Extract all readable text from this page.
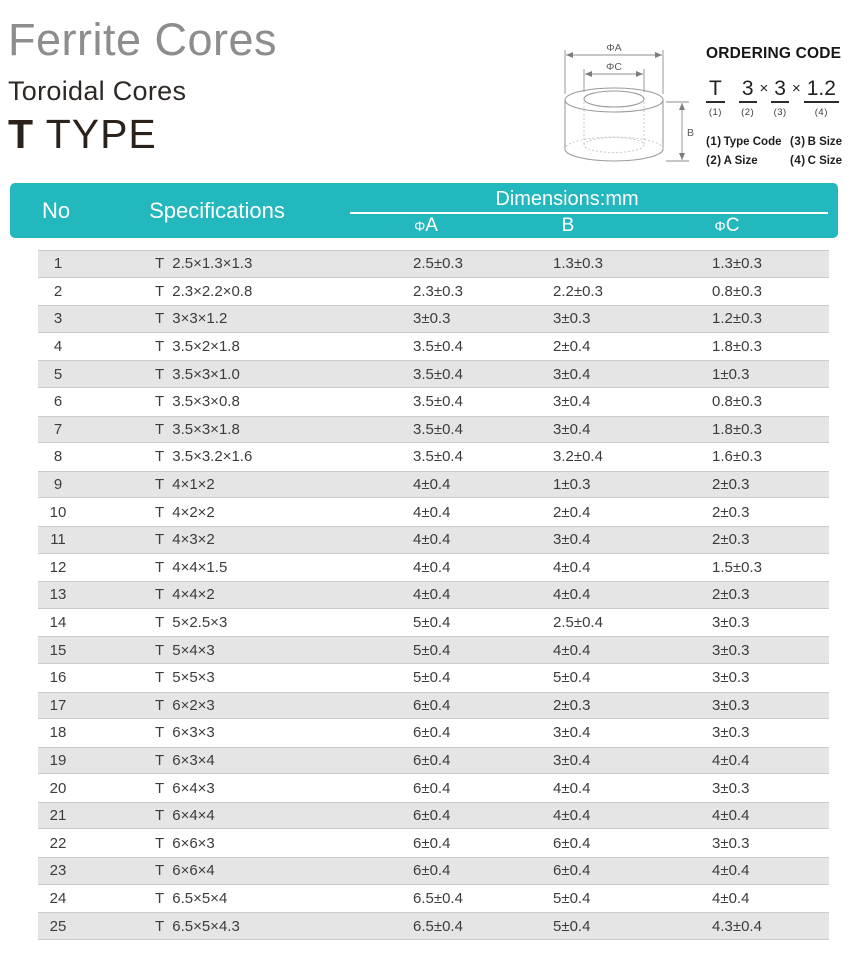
Ferrite Cores
Toroidal Cores
T TYPE
ΦA
ΦC
B
ORDERING CODE
T
(1)
3
(2)
× 3
(3)
× 1.2
(4)
(1) Type Code (3) B Size
(2) A Size	(4) C Size
No	Specifications	Dimensions:mm
ΦA	B	ΦC
1	T  2.5×1.3×1.3	2.5±0.3	1.3±0.3	1.3±0.3
2	T  2.3×2.2×0.8	2.3±0.3	2.2±0.3	0.8±0.3
3	T  3×3×1.2	3±0.3	3±0.3	1.2±0.3
4	T  3.5×2×1.8	3.5±0.4	2±0.4	1.8±0.3
5	T  3.5×3×1.0	3.5±0.4	3±0.4	1±0.3
6	T  3.5×3×0.8	3.5±0.4	3±0.4	0.8±0.3
7	T  3.5×3×1.8	3.5±0.4	3±0.4	1.8±0.3
8	T  3.5×3.2×1.6	3.5±0.4	3.2±0.4	1.6±0.3
9	T  4×1×2	4±0.4	1±0.3	2±0.3
10	T  4×2×2	4±0.4	2±0.4	2±0.3
11	T  4×3×2	4±0.4	3±0.4	2±0.3
12	T  4×4×1.5	4±0.4	4±0.4	1.5±0.3
13	T  4×4×2	4±0.4	4±0.4	2±0.3
14	T  5×2.5×3	5±0.4	2.5±0.4	3±0.3
15	T  5×4×3	5±0.4	4±0.4	3±0.3
16	T  5×5×3	5±0.4	5±0.4	3±0.3
17	T  6×2×3	6±0.4	2±0.3	3±0.3
18	T  6×3×3	6±0.4	3±0.4	3±0.3
19	T  6×3×4	6±0.4	3±0.4	4±0.4
20	T  6×4×3	6±0.4	4±0.4	3±0.3
21	T  6×4×4	6±0.4	4±0.4	4±0.4
22	T  6×6×3	6±0.4	6±0.4	3±0.3
23	T  6×6×4	6±0.4	6±0.4	4±0.4
24	T  6.5×5×4	6.5±0.4	5±0.4	4±0.4
25	T  6.5×5×4.3	6.5±0.4	5±0.4	4.3±0.4
